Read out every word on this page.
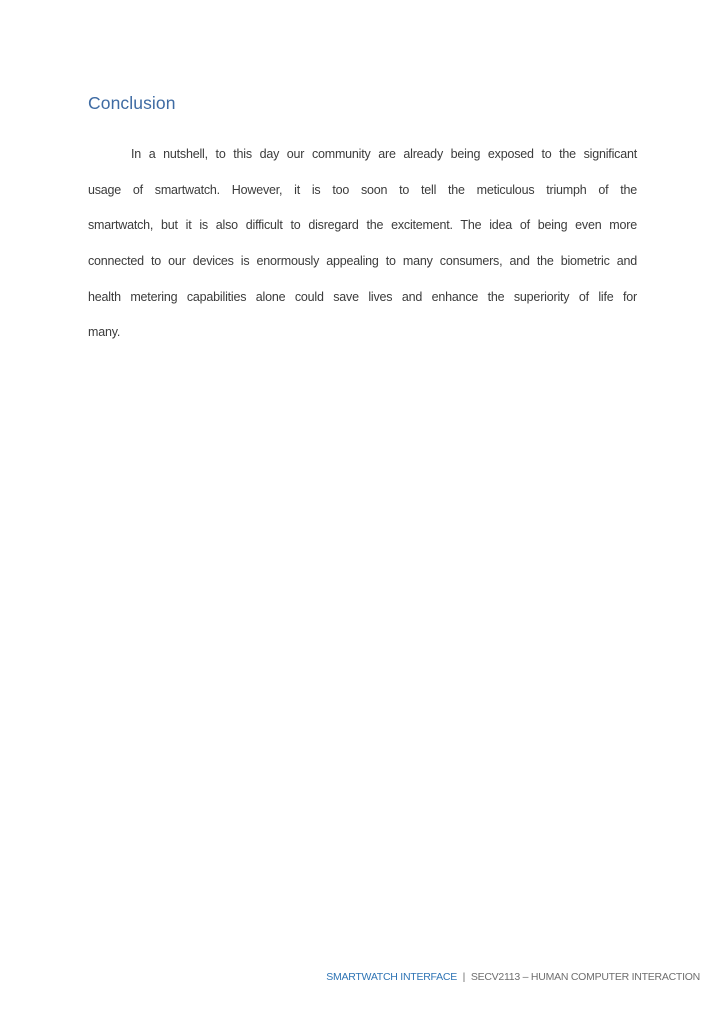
Conclusion
In a nutshell, to this day our community are already being exposed to the significant
usage of smartwatch. However, it is too soon to tell the meticulous triumph of the
smartwatch, but it is also difficult to disregard the excitement. The idea of being even more
connected to our devices is enormously appealing to many consumers, and the biometric and
health metering capabilities alone could save lives and enhance the superiority of life for
many.
SMARTWATCH INTERFACE | SECV2113 – HUMAN COMPUTER INTERACTION
